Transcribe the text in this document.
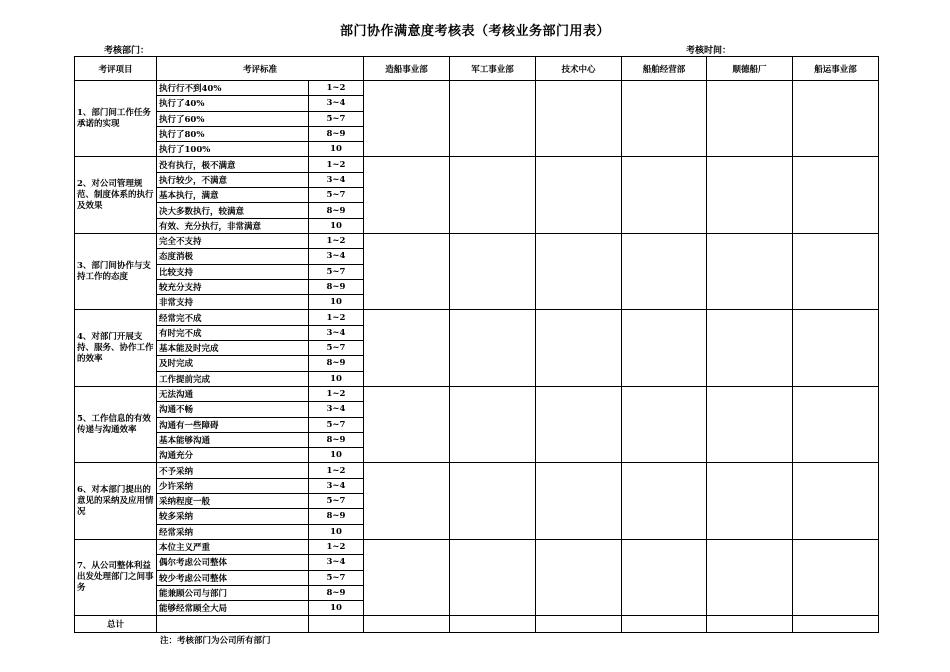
部门协作满意度考核表（考核业务部门用表）
考核部门：	考核时间：
考评项目	考评标准		造船事业部	军工事业部	技术中心	船舶经营部	顺德船厂	船运事业部
1、部门间工作任务承诺的实现	执行行不到40%	1~2						
	执行了40%	3~4						
	执行了60%	5~7						
	执行了80%	8~9						
	执行了100%	10						
2、对公司管理规范、制度体系的执行及效果	没有执行，极不满意	1~2						
	执行较少，不满意	3~4						
	基本执行，满意	5~7						
	决大多数执行，较满意	8~9						
	有效、充分执行，非常满意	10						
3、部门间协作与支持工作的态度	完全不支持	1~2						
	态度消极	3~4						
	比较支持	5~7						
	较充分支持	8~9						
	非常支持	10						
4、对部门开展支持、服务、协作工作的效率	经常完不成	1~2						
	有时完不成	3~4						
	基本能及时完成	5~7						
	及时完成	8~9						
	工作提前完成	10						
5、工作信息的有效传递与沟通效率	无法沟通	1~2						
	沟通不畅	3~4						
	沟通有一些障碍	5~7						
	基本能够沟通	8~9						
	沟通充分	10						
6、对本部门提出的意见的采纳及应用情况	不予采纳	1~2						
	少许采纳	3~4						
	采纳程度一般	5~7						
	较多采纳	8~9						
	经常采纳	10						
7、从公司整体利益出发处理部门之间事务	本位主义严重	1~2						
	偶尔考虑公司整体	3~4						
	较少考虑公司整体	5~7						
	能兼顾公司与部门	8~9						
	能够经常顾全大局	10						
总计								
注：考核部门为公司所有部门
